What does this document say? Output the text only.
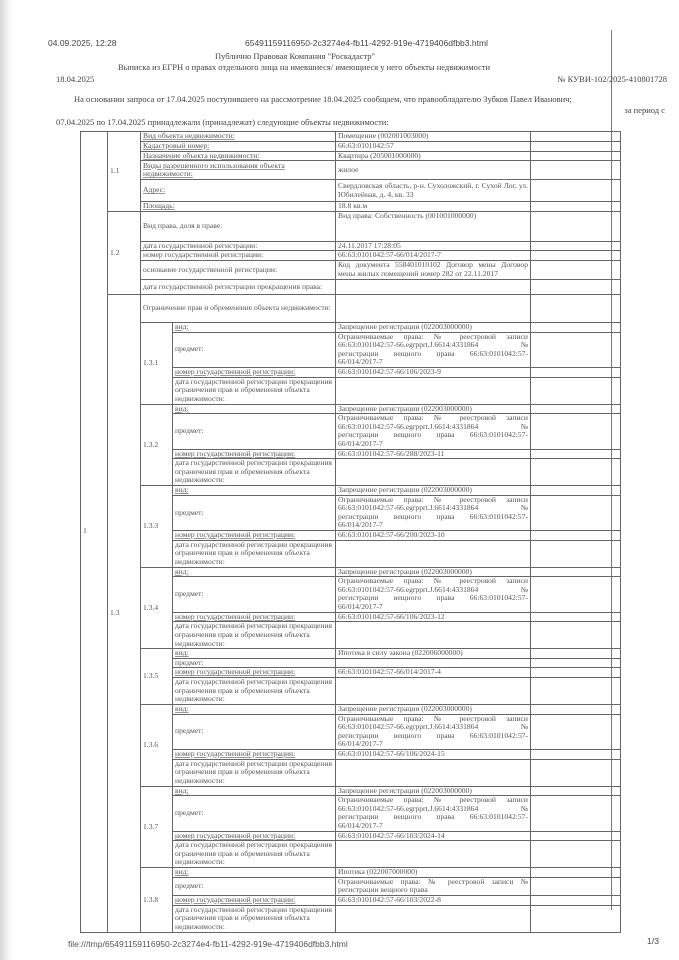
04.09.2025, 12:28	65491159116950-2c3274e4-fb11-4292-919e-4719406dfbb3.html
Публично Правовая Компания "Роскадастр"
Выписка из ЕГРН о правах отдельного лица на имевшиеся/ имеющиеся у него объекты недвижимости
18.04.2025	№ КУВИ-102/2025-410801728
На основании запроса от 17.04.2025 поступившего на рассмотрение 18.04.2025 сообщаем, что правообладателю Зубков Павел Иванович;
за период с
07.04.2025 по 17.04.2025 принадлежали (принадлежат) следующие объекты недвижимости:
1	1.1	Вид объекта недвижимости:		Помещение (002001003000)	
		Кадастровый номер:		66:63:0101042:57	
		Назначение объекта недвижимости:		Квартира (205001000000)	
		Виды разрешенного использования объекта недвижимости:		жилое	
		Адрес:		Свердловская область, р-н. Сухоложский, г. Сухой Лог, ул. Юбилейная, д. 4, кв. 33	
		Площадь:		18.8 кв.м	
	1.2	Вид права, доля в праве:		Вид права: Собственность (001001000000)	
		дата государственной регистрации:		24.11.2017 17:28:05	
		номер государственной регистрации:		66:63:0101042:57-66/014/2017-7	
		основание государственной регистрации:		Код документа 558401010102 Договор мены Договор мены жилых помещений номер 282 от 22.11.2017	
		дата государственной регистрации прекращения права:			
	1.3	Ограничение прав и обременение объекта недвижимости:			
		1.3.1	вид:	Запрещение регистрации (022003000000)	
			предмет:	Ограничиваемые права: № реестровой записи 66:63:0101042:57-66.egrpprt.J.6614:4331864 № регистрации вещного права 66:63:0101042:57-66/014/2017-7	
			номер государственной регистрации:	66:63:0101042:57-66/106/2023-9	
			дата государственной регистрации прекращения ограничения прав и обременения объекта недвижимости:		
		1.3.2	вид:	Запрещение регистрации (022003000000)	
			предмет:	Ограничиваемые права: № реестровой записи 66:63:0101042:57-66.egrpprt.J.6614:4331864 № регистрации вещного права 66:63:0101042:57-66/014/2017-7	
			номер государственной регистрации:	66:63:0101042:57-66/288/2023-11	
			дата государственной регистрации прекращения ограничения прав и обременения объекта недвижимости:		
		1.3.3	вид:	Запрещение регистрации (022003000000)	
			предмет:	Ограничиваемые права: № реестровой записи 66:63:0101042:57-66.egrpprt.J.6614:4331864 № регистрации вещного права 66:63:0101042:57-66/014/2017-7	
			номер государственной регистрации:	66:63:0101042:57-66/200/2023-10	
			дата государственной регистрации прекращения ограничения прав и обременения объекта недвижимости:		
		1.3.4	вид:	Запрещение регистрации (022003000000)	
			предмет:	Ограничиваемые права: № реестровой записи 66:63:0101042:57-66.egrpprt.J.6614:4331864 № регистрации вещного права 66:63:0101042:57-66/014/2017-7	
			номер государственной регистрации:	66:63:0101042:57-66/106/2023-12	
			дата государственной регистрации прекращения ограничения прав и обременения объекта недвижимости:		
		1.3.5	вид:	Ипотека в силу закона (022006000000)	
			предмет:		
			номер государственной регистрации:	66:63:0101042:57-66/014/2017-4	
			дата государственной регистрации прекращения ограничения прав и обременения объекта недвижимости:		
		1.3.6	вид:	Запрещение регистрации (022003000000)	
			предмет:	Ограничиваемые права: № реестровой записи 66:63:0101042:57-66.egrpprt.J.6614:4331864 № регистрации вещного права 66:63:0101042:57-66/014/2017-7	
			номер государственной регистрации:	66:63:0101042:57-66/106/2024-15	
			дата государственной регистрации прекращения ограничения прав и обременения объекта недвижимости:		
		1.3.7	вид:	Запрещение регистрации (022003000000)	
			предмет:	Ограничиваемые права: № реестровой записи 66:63:0101042:57-66.egrpprt.J.6614:4331864 № регистрации вещного права 66:63:0101042:57-66/014/2017-7	
			номер государственной регистрации:	66:63:0101042:57-66/103/2024-14	
			дата государственной регистрации прекращения ограничения прав и обременения объекта недвижимости:		
		1.3.8	вид:	Ипотека (022007000000)	
			предмет:	Ограничиваемые права: № реестровой записи № регистрации вещного права	
			номер государственной регистрации:	66:63:0101042:57-66/103/2022-8	
			дата государственной регистрации прекращения ограничения прав и обременения объекта недвижимости:		
file:///tmp/65491159116950-2c3274e4-fb11-4292-919e-4719406dfbb3.html	1/3
